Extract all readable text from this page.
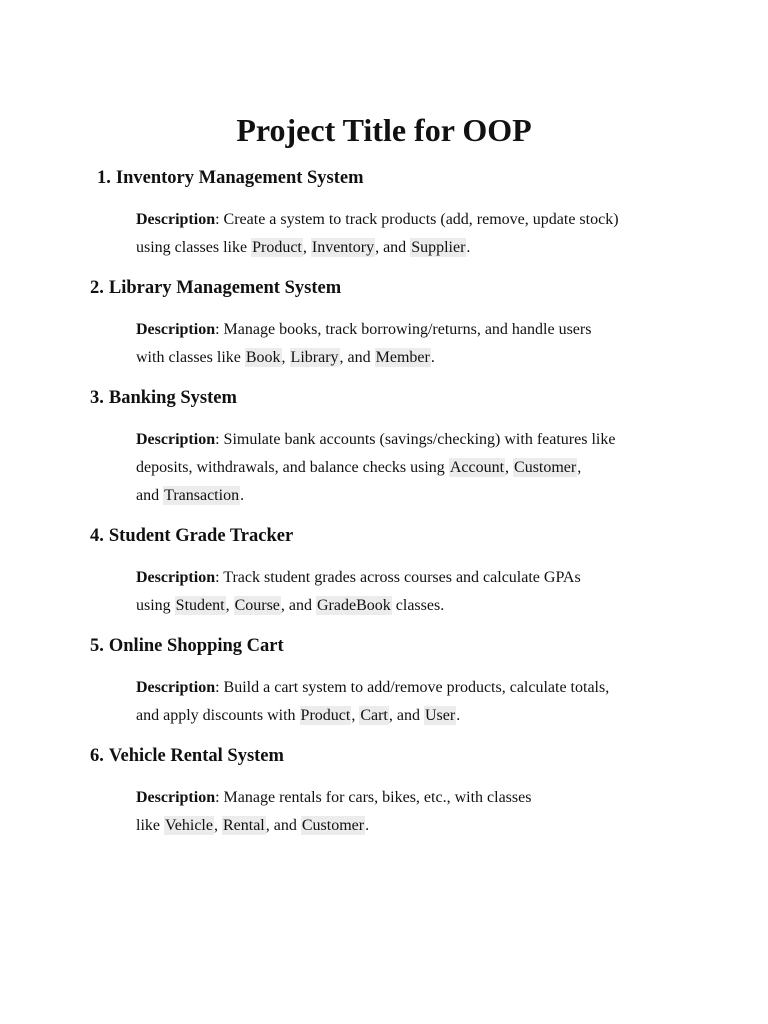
Project Title for OOP
1. Inventory Management System

Description: Create a system to track products (add, remove, update stock)
using classes like Product, Inventory, and Supplier.

2. Library Management System

Description: Manage books, track borrowing/returns, and handle users
with classes like Book, Library, and Member.

3. Banking System

Description: Simulate bank accounts (savings/checking) with features like
deposits, withdrawals, and balance checks using Account, Customer,
and Transaction.

4. Student Grade Tracker

Description: Track student grades across courses and calculate GPAs
using Student, Course, and GradeBook classes.

5. Online Shopping Cart

Description: Build a cart system to add/remove products, calculate totals,
and apply discounts with Product, Cart, and User.

6. Vehicle Rental System

Description: Manage rentals for cars, bikes, etc., with classes
like Vehicle, Rental, and Customer.
